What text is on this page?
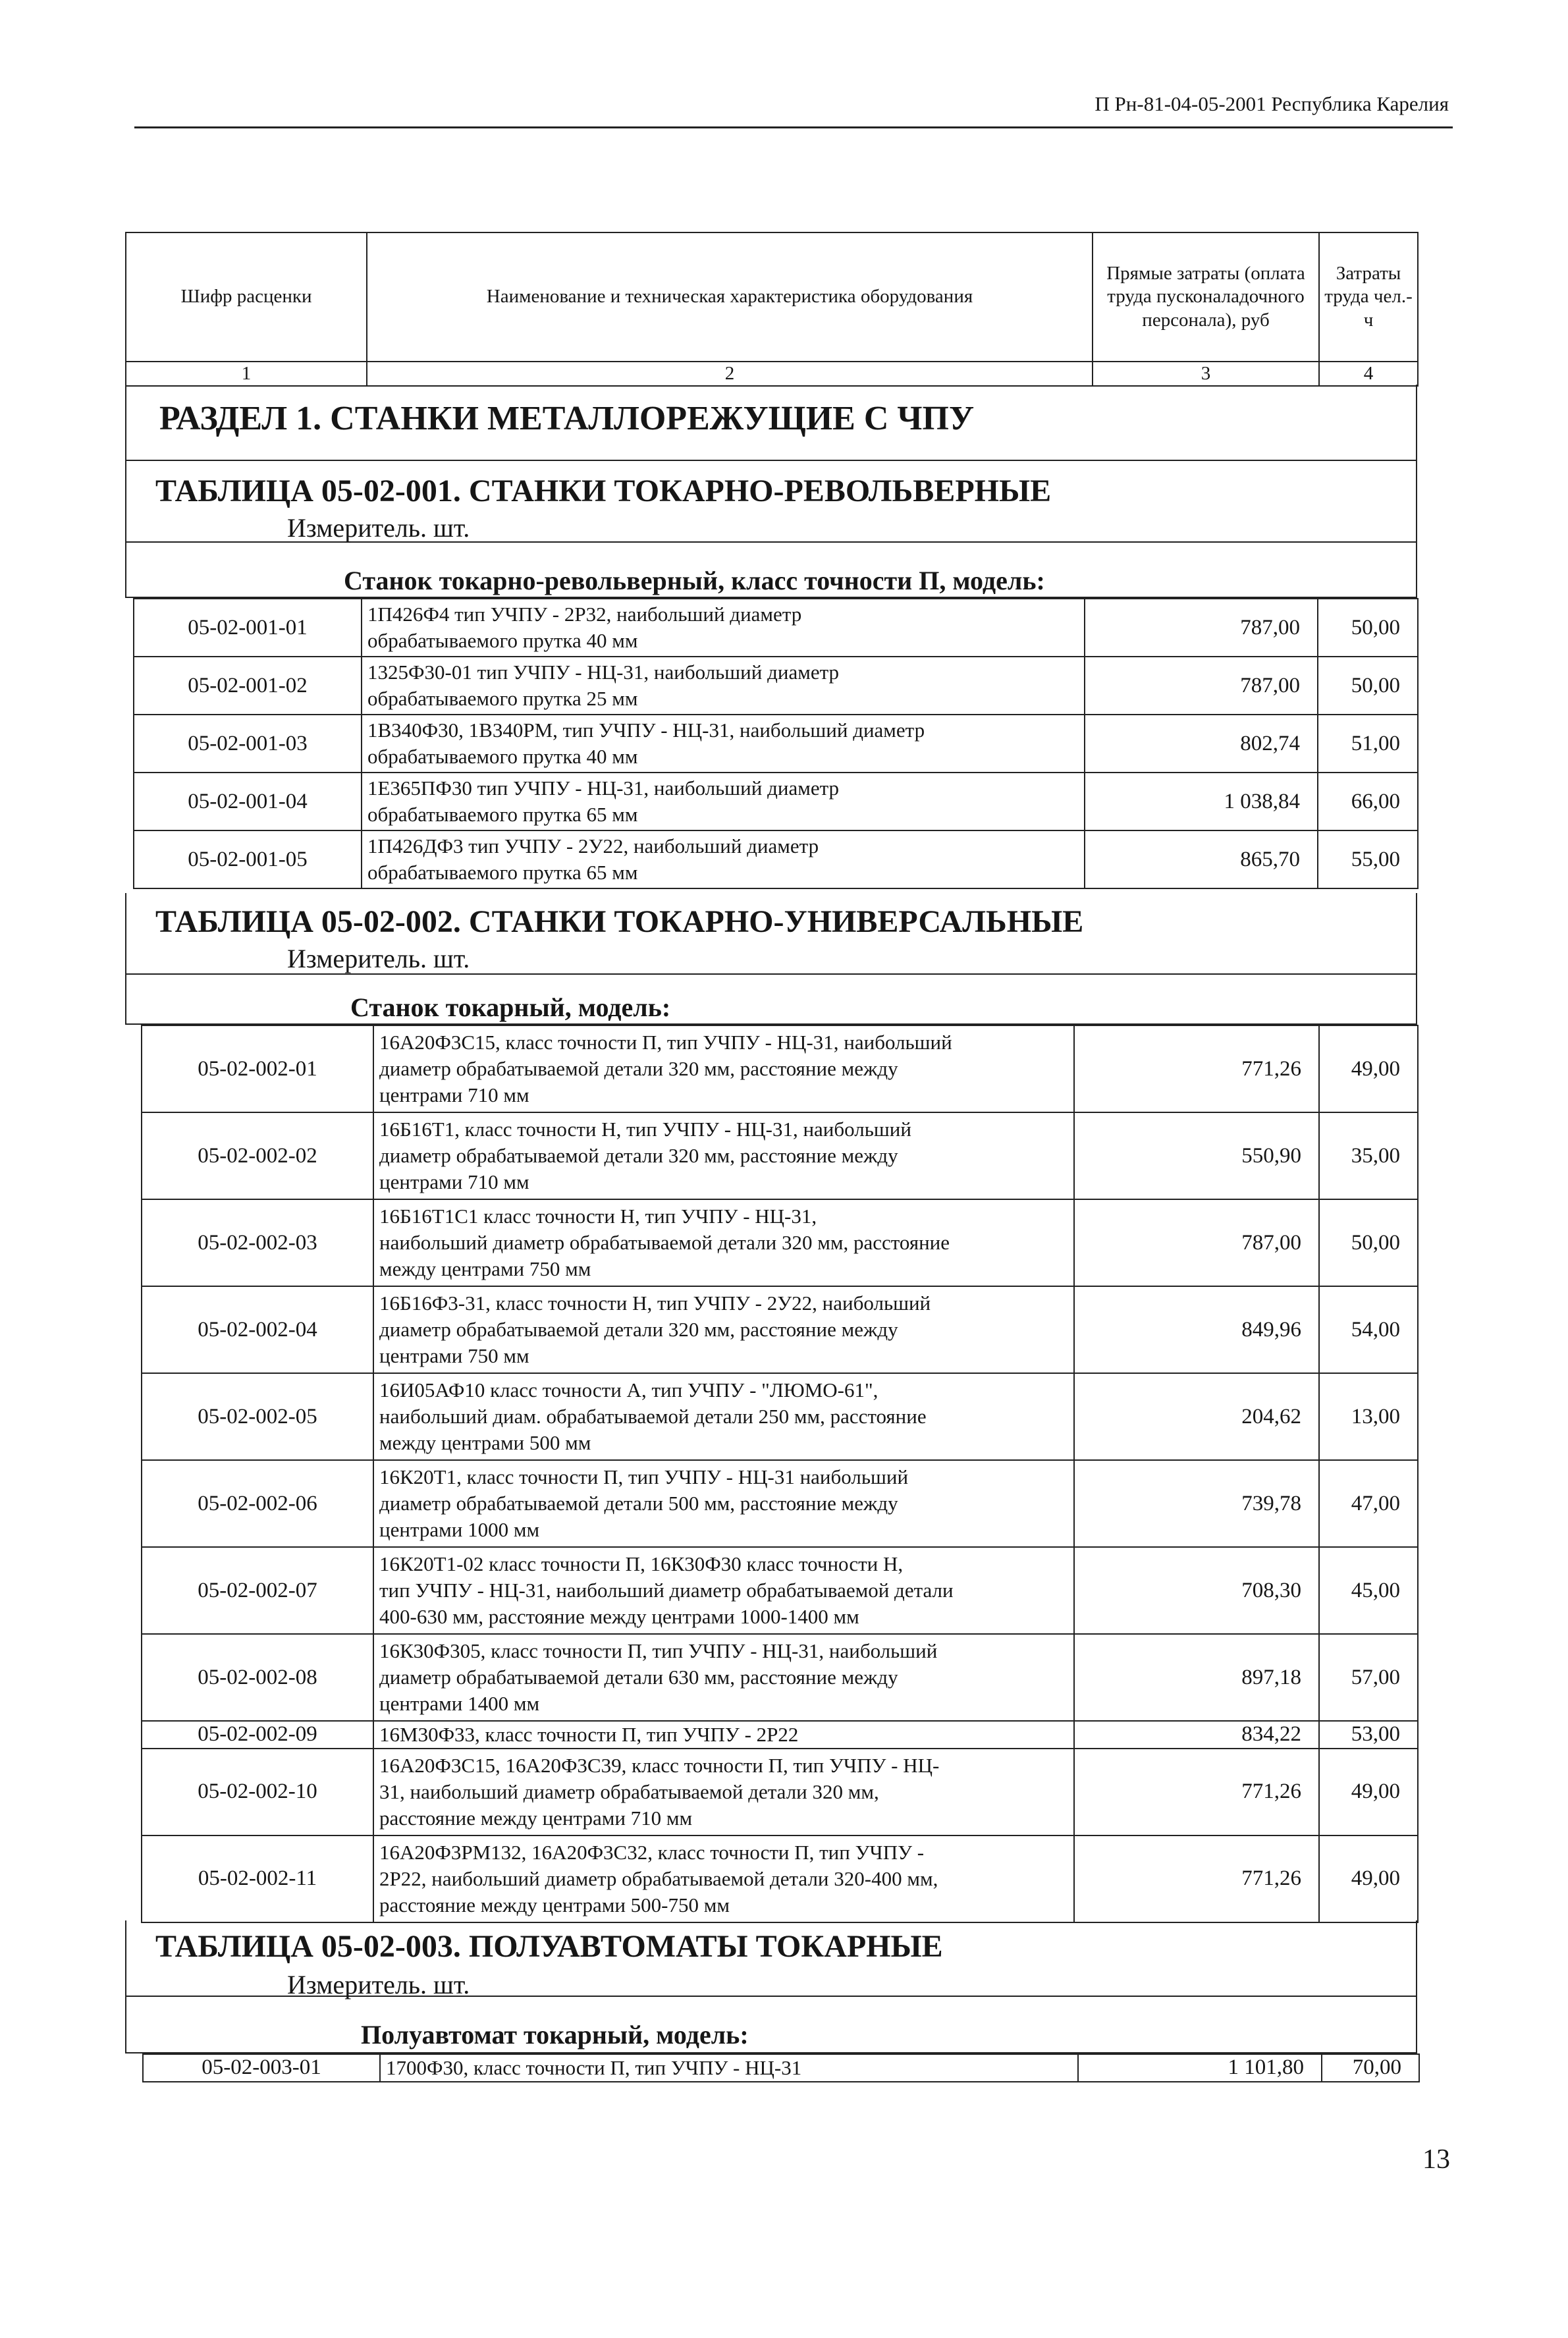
П Рн-81-04-05-2001 Республика Карелия
Шифр расценки	Наименование и техническая характеристика оборудования	Прямые затраты (оплата труда пусконаладочного персонала), руб	Затраты труда чел.-ч
1	2	3	4
РАЗДЕЛ 1. СТАНКИ МЕТАЛЛОРЕЖУЩИЕ С ЧПУ
ТАБЛИЦА 05-02-001. СТАНКИ ТОКАРНО-РЕВОЛЬВЕРНЫЕ
Измеритель. шт.
Станок токарно-револьверный, класс точности П, модель:
05-02-001-01	1П426Ф4 тип УЧПУ - 2Р32, наибольший диаметр
обрабатываемого прутка 40 мм	787,00	50,00
05-02-001-02	1325Ф30-01 тип УЧПУ - НЦ-31, наибольший диаметр
обрабатываемого прутка 25 мм	787,00	50,00
05-02-001-03	1В340Ф30, 1В340РМ, тип УЧПУ - НЦ-31, наибольший диаметр
обрабатываемого прутка 40 мм	802,74	51,00
05-02-001-04	1Е365ПФ30 тип УЧПУ - НЦ-31, наибольший диаметр
обрабатываемого прутка 65 мм	1 038,84	66,00
05-02-001-05	1П426ДФ3 тип УЧПУ - 2У22, наибольший диаметр
обрабатываемого прутка 65 мм	865,70	55,00
ТАБЛИЦА 05-02-002. СТАНКИ ТОКАРНО-УНИВЕРСАЛЬНЫЕ
Измеритель. шт.
Станок токарный, модель:
05-02-002-01	16А20Ф3С15, класс точности П, тип УЧПУ - НЦ-31, наибольший
диаметр обрабатываемой детали 320 мм, расстояние между
центрами 710 мм	771,26	49,00
05-02-002-02	16Б16Т1, класс точности Н, тип УЧПУ - НЦ-31, наибольший
диаметр обрабатываемой детали 320 мм, расстояние между
центрами 710 мм	550,90	35,00
05-02-002-03	16Б16Т1С1 класс точности Н, тип УЧПУ - НЦ-31,
наибольший диаметр обрабатываемой детали 320 мм, расстояние
между центрами 750 мм	787,00	50,00
05-02-002-04	16Б16Ф3-31, класс точности Н, тип УЧПУ - 2У22, наибольший
диаметр обрабатываемой детали 320 мм, расстояние между
центрами 750 мм	849,96	54,00
05-02-002-05	16И05АФ10 класс точности А, тип УЧПУ - "ЛЮМО-61",
наибольший диам. обрабатываемой детали 250 мм, расстояние
между центрами 500 мм	204,62	13,00
05-02-002-06	16К20Т1, класс точности П, тип УЧПУ - НЦ-31 наибольший
диаметр обрабатываемой детали 500 мм, расстояние между
центрами 1000 мм	739,78	47,00
05-02-002-07	16К20Т1-02 класс точности П, 16К30Ф30 класс точности Н,
тип УЧПУ - НЦ-31, наибольший диаметр обрабатываемой детали
400-630 мм, расстояние между центрами 1000-1400 мм	708,30	45,00
05-02-002-08	16К30Ф305, класс точности П, тип УЧПУ - НЦ-31, наибольший
диаметр обрабатываемой детали 630 мм, расстояние между
центрами 1400 мм	897,18	57,00
05-02-002-09	16М30Ф33, класс точности П, тип УЧПУ - 2Р22	834,22	53,00
05-02-002-10	16А20Ф3С15, 16А20Ф3С39, класс точности П, тип УЧПУ - НЦ-
31, наибольший диаметр обрабатываемой детали 320 мм,
расстояние между центрами 710 мм	771,26	49,00
05-02-002-11	16А20Ф3РМ132, 16А20Ф3С32, класс точности П, тип УЧПУ -
2Р22, наибольший диаметр обрабатываемой детали 320-400 мм,
расстояние между центрами 500-750 мм	771,26	49,00
ТАБЛИЦА 05-02-003. ПОЛУАВТОМАТЫ ТОКАРНЫЕ
Измеритель. шт.
Полуавтомат токарный, модель:
05-02-003-01	1700Ф30, класс точности П, тип УЧПУ - НЦ-31	1 101,80	70,00
13
